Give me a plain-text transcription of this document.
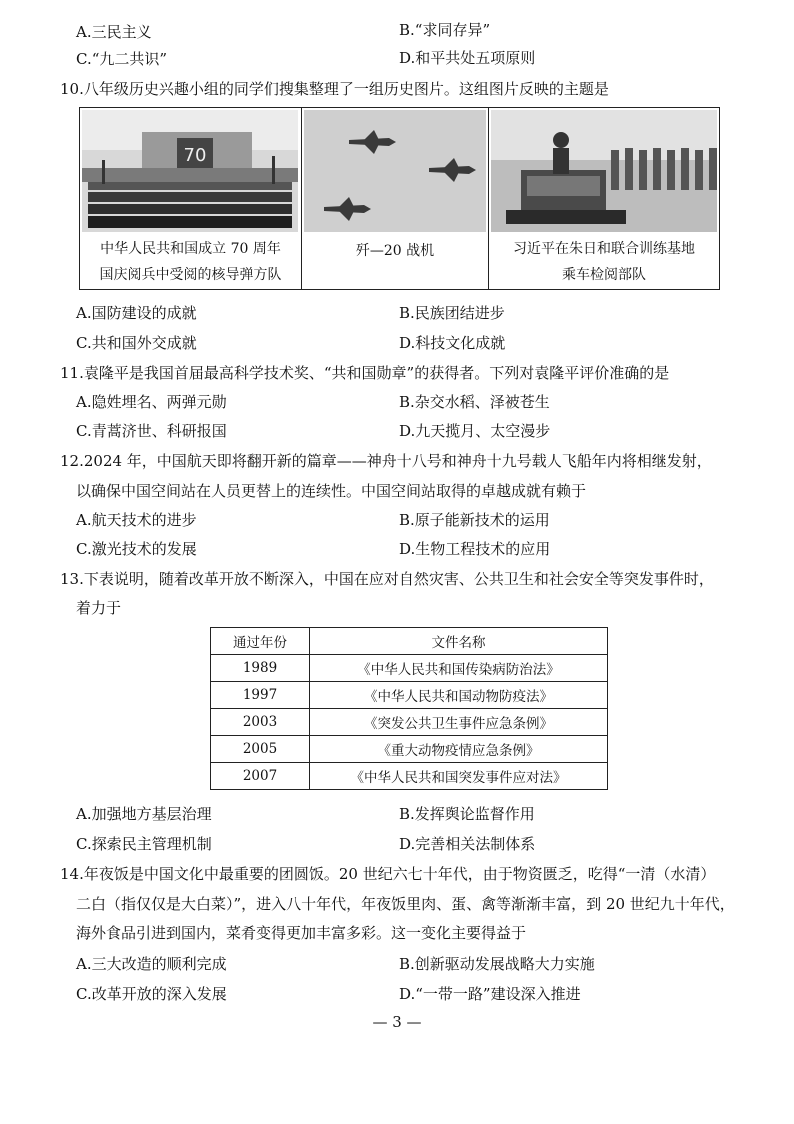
A.三民主义	B.“求同存异”
C.“九二共识”	D.和平共处五项原则
10.八年级历史兴趣小组的同学们搜集整理了一组历史图片。这组图片反映的主题是
70
中华人民共和国成立 70 周年
国庆阅兵中受阅的核导弹方队
歼—20 战机	习近平在朱日和联合训练基地
乘车检阅部队
A.国防建设的成就	B.民族团结进步
C.共和国外交成就	D.科技文化成就
11.袁隆平是我国首届最高科学技术奖、“共和国勋章”的获得者。下列对袁隆平评价准确的是
A.隐姓埋名、两弹元勋	B.杂交水稻、泽被苍生
C.青蒿济世、科研报国	D.九天揽月、太空漫步
12.2024 年，中国航天即将翻开新的篇章——神舟十八号和神舟十九号载人飞船年内将相继发射，
以确保中国空间站在人员更替上的连续性。中国空间站取得的卓越成就有赖于
A.航天技术的进步	B.原子能新技术的运用
C.激光技术的发展	D.生物工程技术的应用
13.下表说明，随着改革开放不断深入，中国在应对自然灾害、公共卫生和社会安全等突发事件时，
着力于
通过年份	文件名称
1989	《中华人民共和国传染病防治法》
1997	《中华人民共和国动物防疫法》
2003	《突发公共卫生事件应急条例》
2005	《重大动物疫情应急条例》
2007	《中华人民共和国突发事件应对法》
A.加强地方基层治理	B.发挥舆论监督作用
C.探索民主管理机制	D.完善相关法制体系
14.年夜饭是中国文化中最重要的团圆饭。20 世纪六七十年代，由于物资匮乏，吃得“一清（水清）
二白（指仅仅是大白菜）”，进入八十年代，年夜饭里肉、蛋、禽等渐渐丰富，到 20 世纪九十年代，
海外食品引进到国内，菜肴变得更加丰富多彩。这一变化主要得益于
A.三大改造的顺利完成	B.创新驱动发展战略大力实施
C.改革开放的深入发展	D.“一带一路”建设深入推进
— 3 —
